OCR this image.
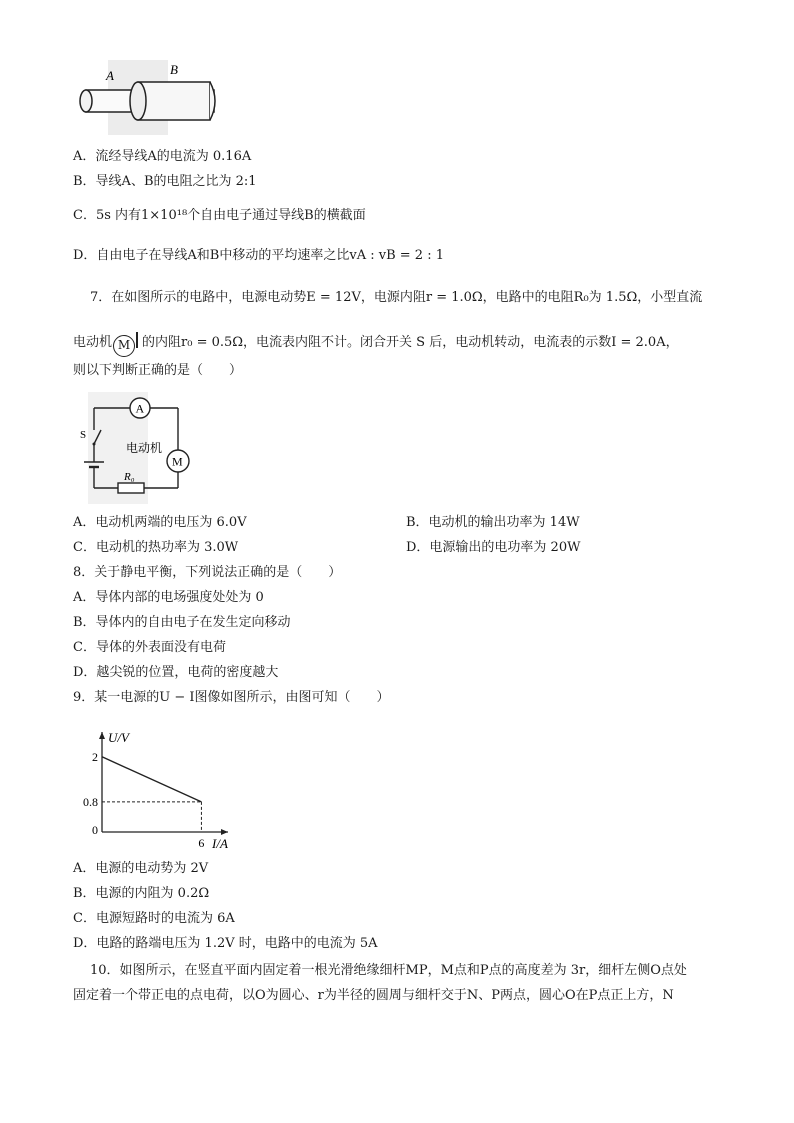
A	B
A．流经导线A的电流为 0.16A
B．导线A、B的电阻之比为 2:1
C．5s 内有1×10¹⁸个自由电子通过导线B的横截面
D．自由电子在导线A和B中移动的平均速率之比vA : vB = 2 : 1
7．在如图所示的电路中，电源电动势E = 12V，电源内阻r = 1.0Ω，电路中的电阻R₀为 1.5Ω，小型直流
电动机 M 的内阻r₀ = 0.5Ω，电流表内阻不计。闭合开关 S 后，电动机转动，电流表的示数I = 2.0A，
则以下判断正确的是（　　）
A
M
电动机
R₀
S
A．电动机两端的电压为 6.0V	B．电动机的输出功率为 14W
C．电动机的热功率为 3.0W	D．电源输出的电功率为 20W
8．关于静电平衡，下列说法正确的是（　　）
A．导体内部的电场强度处处为 0
B．导体内的自由电子在发生定向移动
C．导体的外表面没有电荷
D．越尖锐的位置，电荷的密度越大
9．某一电源的U − I图像如图所示，由图可知（　　）
U/V
I/A
0
0.8
2
6
A．电源的电动势为 2V
B．电源的内阻为 0.2Ω
C．电源短路时的电流为 6A
D．电路的路端电压为 1.2V 时，电路中的电流为 5A
10．如图所示，在竖直平面内固定着一根光滑绝缘细杆MP，M点和P点的高度差为 3r，细杆左侧O点处
固定着一个带正电的点电荷，以O为圆心、r为半径的圆周与细杆交于N、P两点，圆心O在P点正上方，N
